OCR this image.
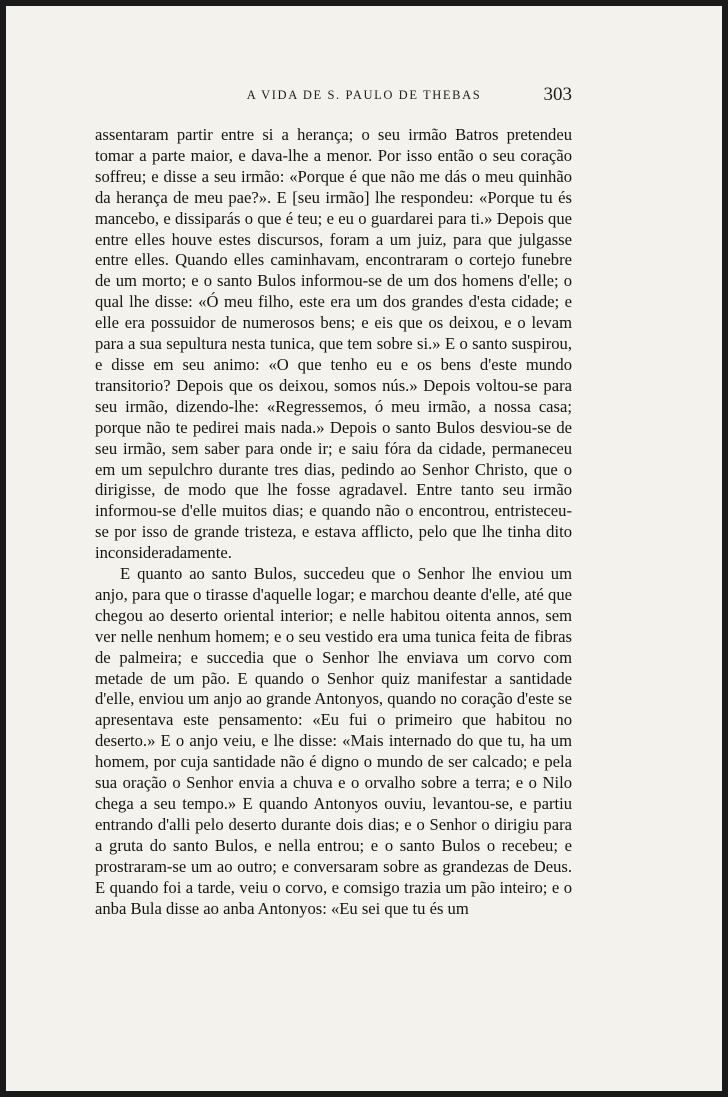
A VIDA DE S. PAULO DE THEBAS	303

assentaram partir entre si a herança; o seu irmão Batros pretendeu tomar a parte maior, e dava-lhe a menor. Por isso então o seu coração soffreu; e disse a seu irmão: «Porque é que não me dás o meu quinhão da herança de meu pae?». E [seu irmão] lhe respondeu: «Porque tu és mancebo, e dissiparás o que é teu; e eu o guardarei para ti.» Depois que entre elles houve estes discursos, foram a um juiz, para que julgasse entre elles. Quando elles caminhavam, encontraram o cortejo funebre de um morto; e o santo Bulos informou-se de um dos homens d'elle; o qual lhe disse: «Ó meu filho, este era um dos grandes d'esta cidade; e elle era possuidor de numerosos bens; e eis que os deixou, e o levam para a sua sepultura nesta tunica, que tem sobre si.» E o santo suspirou, e disse em seu animo: «O que tenho eu e os bens d'este mundo transitorio? Depois que os deixou, somos nús.» Depois voltou-se para seu irmão, dizendo-lhe: «Regressemos, ó meu irmão, a nossa casa; porque não te pedirei mais nada.» Depois o santo Bulos desviou-se de seu irmão, sem saber para onde ir; e saiu fóra da cidade, permaneceu em um sepulchro durante tres dias, pedindo ao Senhor Christo, que o dirigisse, de modo que lhe fosse agradavel. Entre tanto seu irmão informou-se d'elle muitos dias; e quando não o encontrou, entristeceu-se por isso de grande tristeza, e estava afflicto, pelo que lhe tinha dito inconsideradamente.

E quanto ao santo Bulos, succedeu que o Senhor lhe enviou um anjo, para que o tirasse d'aquelle logar; e marchou deante d'elle, até que chegou ao deserto oriental interior; e nelle habitou oitenta annos, sem ver nelle nenhum homem; e o seu vestido era uma tunica feita de fibras de palmeira; e succedia que o Senhor lhe enviava um corvo com metade de um pão. E quando o Senhor quiz manifestar a santidade d'elle, enviou um anjo ao grande Antonyos, quando no coração d'este se apresentava este pensamento: «Eu fui o primeiro que habitou no deserto.» E o anjo veiu, e lhe disse: «Mais internado do que tu, ha um homem, por cuja santidade não é digno o mundo de ser calcado; e pela sua oração o Senhor envia a chuva e o orvalho sobre a terra; e o Nilo chega a seu tempo.» E quando Antonyos ouviu, levantou-se, e partiu entrando d'alli pelo deserto durante dois dias; e o Senhor o dirigiu para a gruta do santo Bulos, e nella entrou; e o santo Bulos o recebeu; e prostraram-se um ao outro; e conversaram sobre as grandezas de Deus. E quando foi a tarde, veiu o corvo, e comsigo trazia um pão inteiro; e o anba Bula disse ao anba Antonyos: «Eu sei que tu és um
